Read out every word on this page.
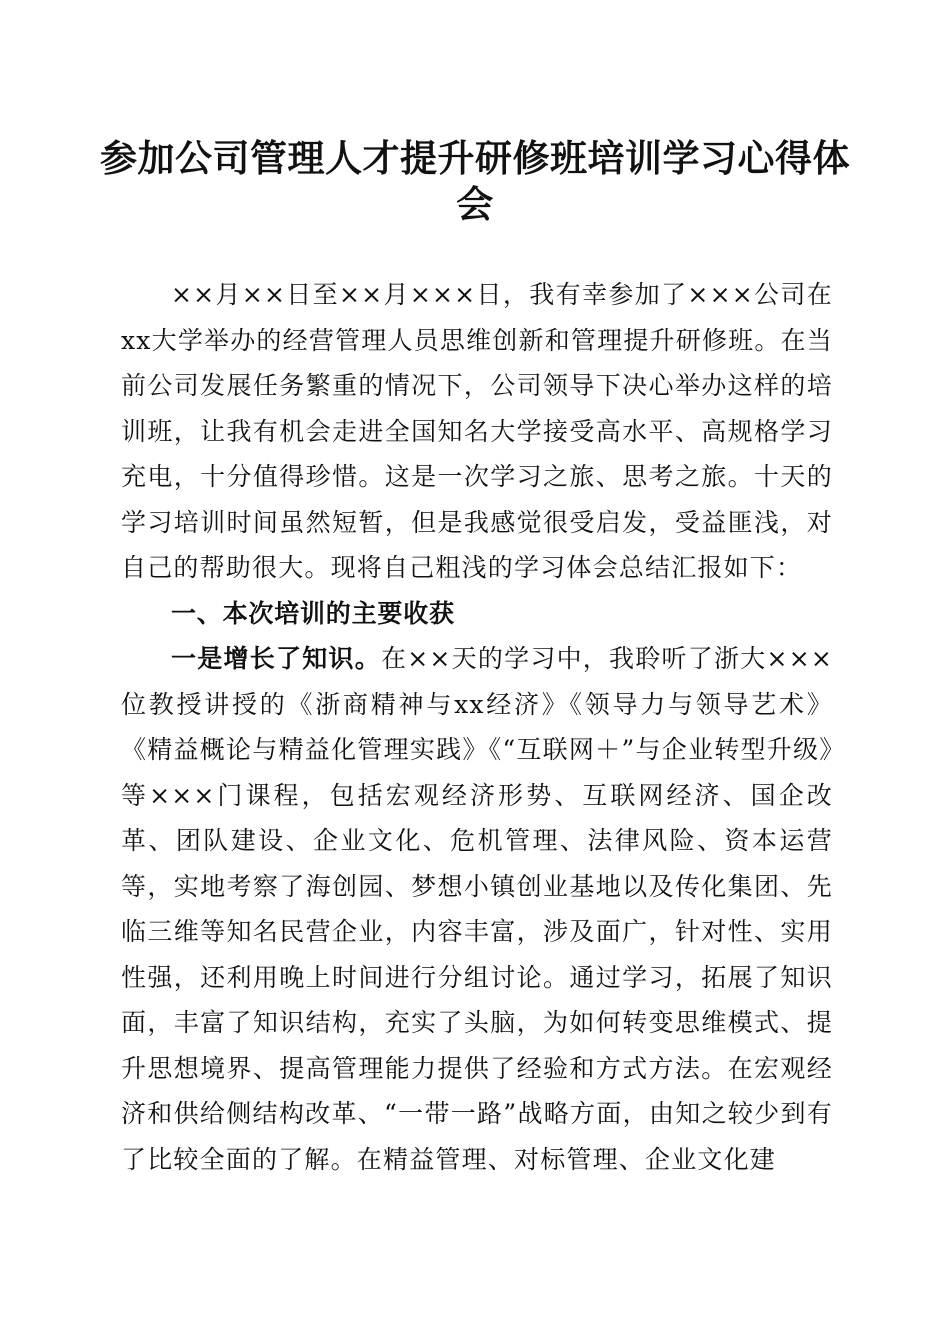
参加公司管理人才提升研修班培训学习心得体会

××月××日至××月×××日，我有幸参加了×××公司在xx大学举办的经营管理人员思维创新和管理提升研修班。在当前公司发展任务繁重的情况下，公司领导下决心举办这样的培训班，让我有机会走进全国知名大学接受高水平、高规格学习充电，十分值得珍惜。这是一次学习之旅、思考之旅。十天的学习培训时间虽然短暂，但是我感觉很受启发，受益匪浅，对自己的帮助很大。现将自己粗浅的学习体会总结汇报如下：

一、本次培训的主要收获

一是增长了知识。在××天的学习中，我聆听了浙大×××位教授讲授的《浙商精神与xx经济》《领导力与领导艺术》《精益概论与精益化管理实践》《“互联网＋”与企业转型升级》等×××门课程，包括宏观经济形势、互联网经济、国企改革、团队建设、企业文化、危机管理、法律风险、资本运营等，实地考察了海创园、梦想小镇创业基地以及传化集团、先临三维等知名民营企业，内容丰富，涉及面广，针对性、实用性强，还利用晚上时间进行分组讨论。通过学习，拓展了知识面，丰富了知识结构，充实了头脑，为如何转变思维模式、提升思想境界、提高管理能力提供了经验和方式方法。在宏观经济和供给侧结构改革、“一带一路”战略方面，由知之较少到有了比较全面的了解。在精益管理、对标管理、企业文化建
